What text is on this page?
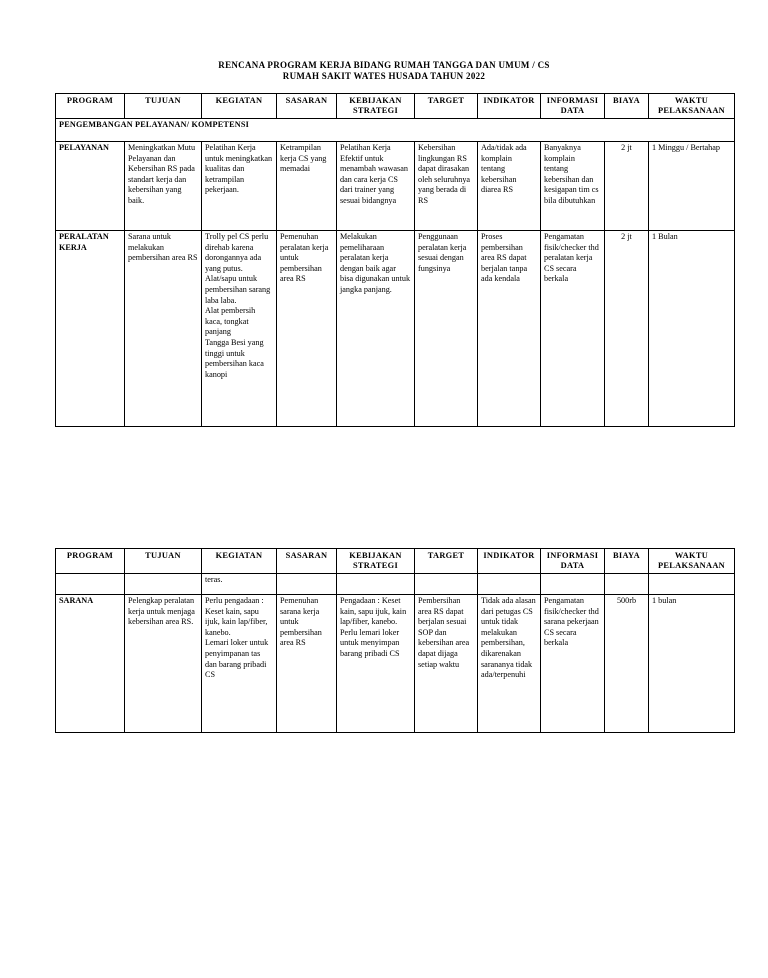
RENCANA PROGRAM KERJA BIDANG RUMAH TANGGA DAN UMUM / CS
RUMAH SAKIT WATES HUSADA TAHUN 2022
PROGRAM	TUJUAN	KEGIATAN	SASARAN	KEBIJAKAN STRATEGI	TARGET	INDIKATOR	INFORMASI DATA	BIAYA	WAKTU PELAKSANAAN
PENGEMBANGAN PELAYANAN/ KOMPETENSI									
PELAYANAN	Meningkatkan Mutu Pelayanan dan Kebersihan RS pada standart kerja dan kebersihan yang baik.	Pelatihan Kerja untuk meningkatkan kualitas dan ketrampilan pekerjaan.	Ketrampilan kerja CS yang memadai	Pelatihan Kerja Efektif untuk menambah wawasan dan cara kerja CS dari trainer yang sesuai bidangnya	Kebersihan lingkungan RS dapat dirasakan oleh seluruhnya yang berada di RS	Ada/tidak ada komplain tentang kebersihan diarea RS	Banyaknya komplain tentang kebersihan dan kesigapan tim cs bila dibutuhkan	2 jt	1 Minggu / Bertahap
PERALATAN KERJA	Sarana untuk melakukan pembersihan area RS	Trolly pel CS perlu direhab karena dorongannya ada yang putus.
Alat/sapu untuk pembersihan sarang laba laba.
Alat pembersih kaca, tongkat panjang
Tangga Besi yang tinggi untuk pembersihan kaca kanopi	Pemenuhan peralatan kerja untuk pembersihan area RS	Melakukan pemeliharaan peralatan kerja dengan baik agar bisa digunakan untuk jangka panjang.	Penggunaan peralatan kerja sesuai dengan fungsinya	Proses pembersihan area RS dapat berjalan tanpa ada kendala	Pengamatan fisik/checker thd peralatan kerja CS secara berkala	2 jt	1 Bulan
PROGRAM	TUJUAN	KEGIATAN	SASARAN	KEBIJAKAN STRATEGI	TARGET	INDIKATOR	INFORMASI DATA	BIAYA	WAKTU PELAKSANAAN
		teras.							
SARANA	Pelengkap peralatan kerja untuk menjaga kebersihan area RS.	Perlu pengadaan : Keset kain, sapu ijuk, kain lap/fiber, kanebo.
Lemari loker untuk penyimpanan tas dan barang pribadi CS	Pemenuhan sarana kerja untuk pembersihan area RS	Pengadaan : Keset kain, sapu ijuk, kain lap/fiber, kanebo. Perlu lemari loker untuk menyimpan barang pribadi CS	Pembersihan area RS dapat berjalan sesuai SOP dan kebersihan area dapat dijaga setiap waktu	Tidak ada alasan dari petugas CS untuk tidak melakukan pembersihan, dikarenakan sarananya tidak ada/terpenuhi	Pengamatan fisik/checker thd sarana pekerjaan CS secara berkala	500rb	1 bulan
